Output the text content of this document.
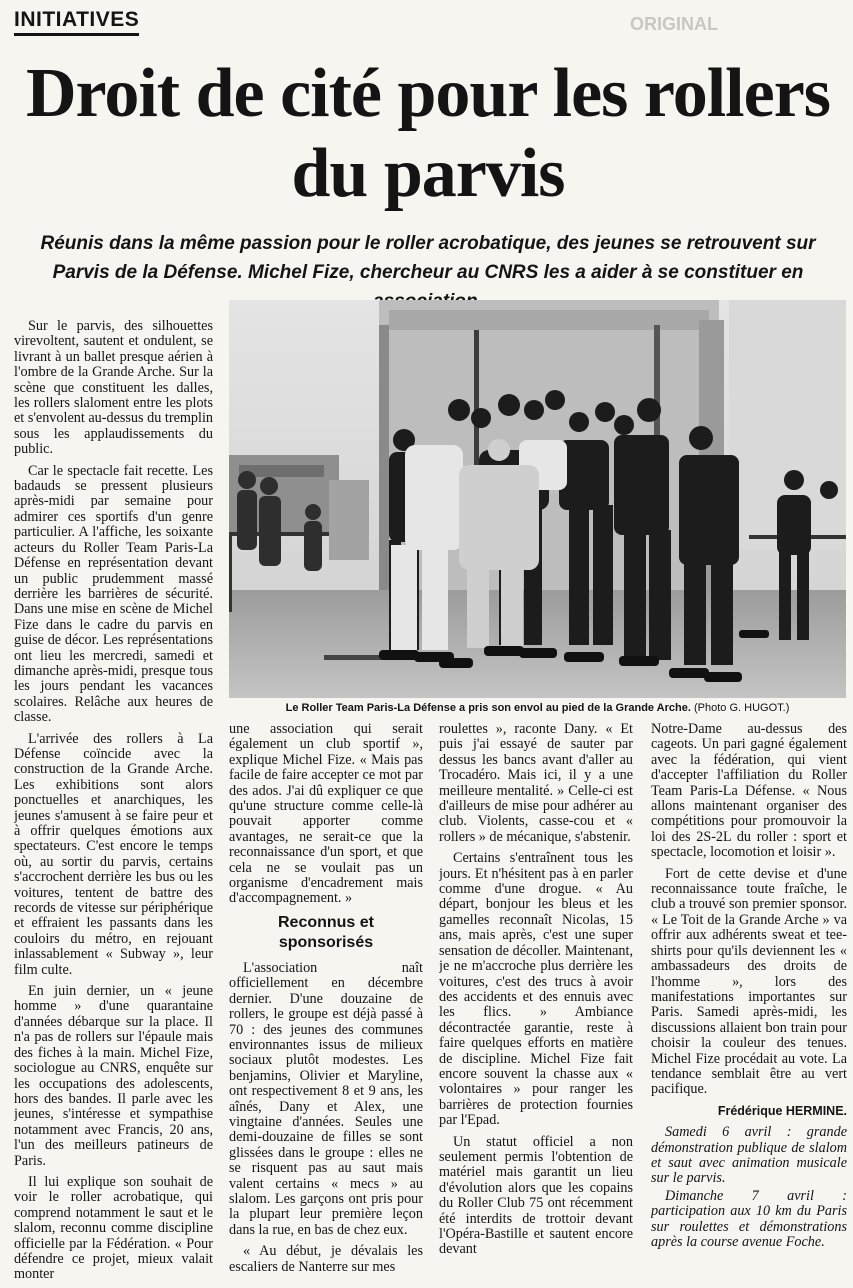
INITIATIVES	ORIGINAL
Droit de cité pour les rollers du parvis

Réunis dans la même passion pour le roller acrobatique, des jeunes se retrouvent sur Parvis de la Défense. Michel Fize, chercheur au CNRS les a aider à se constituer en

Le Roller Team Paris-La Défense a pris son envol au pied de la Grande Arche. (Photo G. HUGOT.)

Sur le parvis, des silhouettes virevoltent, sautent et ondulent, se livrant à un ballet presque aérien à l'ombre de la Grande Arche. Sur la scène que constituent les dalles, les rollers slaloment entre les plots et s'envolent au-dessus du tremplin sous les applaudissements du public.

Car le spectacle fait recette. Les badauds se pressent plusieurs après-midi par semaine pour admirer ces sportifs d'un genre particulier. A l'affiche, les soixante acteurs du Roller Team Paris-La Défense en représentation devant un public prudemment massé derrière les barrières de sécurité. Dans une mise en scène de Michel Fize dans le cadre du parvis en guise de décor. Les représentations ont lieu les mercredi, samedi et dimanche après-midi, presque tous les jours pendant les vacances scolaires. Relâche aux heures de classe.

L'arrivée des rollers à La Défense coïncide avec la construction de la Grande Arche. Les exhibitions sont alors ponctuelles et anarchiques, les jeunes s'amusent à se faire peur et à offrir quelques émotions aux spectateurs. C'est encore le temps où, au sortir du parvis, certains s'accrochent derrière les bus ou les voitures, tentent de battre des records de vitesse sur périphérique et effraient les passants dans les couloirs du métro, en rejouant inlassablement « Subway », leur film culte.

En juin dernier, un « jeune homme » d'une quarantaine d'années débarque sur la place. Il n'a pas de rollers sur l'épaule mais des fiches à la main. Michel Fize, sociologue au CNRS, enquête sur les occupations des adolescents, hors des bandes. Il parle avec les jeunes, s'intéresse et sympathise notamment avec Francis, 20 ans, l'un des meilleurs patineurs de Paris.

Il lui explique son souhait de voir le roller acrobatique, qui comprend notamment le saut et le slalom, reconnu comme discipline officielle par la Fédération. « Pour défendre ce projet, mieux valait monter

une association qui serait également un club sportif », explique Michel Fize. « Mais pas facile de faire accepter ce mot par des ados. J'ai dû expliquer ce que qu'une structure comme celle-là pouvait apporter comme avantages, ne serait-ce que la reconnaissance d'un sport, et que cela ne se voulait pas un organisme d'encadrement mais d'accompagnement. »

Reconnus et sponsorisés

L'association naît officiellement en décembre dernier. D'une douzaine de rollers, le groupe est déjà passé à 70 : des jeunes des communes environnantes issus de milieux sociaux plutôt modestes. Les benjamins, Olivier et Maryline, ont respectivement 8 et 9 ans, les aînés, Dany et Alex, une vingtaine d'années. Seules une demi-douzaine de filles se sont glissées dans le groupe : elles ne se risquent pas au saut mais valent certains « mecs » au slalom. Les garçons ont pris pour la plupart leur première leçon dans la rue, en bas de chez eux.

« Au début, je dévalais les escaliers de Nanterre sur mes

roulettes », raconte Dany. « Et puis j'ai essayé de sauter par dessus les bancs avant d'aller au Trocadéro. Mais ici, il y a une meilleure mentalité. » Celle-ci est d'ailleurs de mise pour adhérer au club. Violents, casse-cou et « rollers » de mécanique, s'abstenir.

Certains s'entraînent tous les jours. Et n'hésitent pas à en parler comme d'une drogue. « Au départ, bonjour les bleus et les gamelles reconnaît Nicolas, 15 ans, mais après, c'est une super sensation de décoller. Maintenant, je ne m'accroche plus derrière les voitures, c'est des trucs à avoir des accidents et des ennuis avec les flics. » Ambiance décontractée garantie, reste à faire quelques efforts en matière de discipline. Michel Fize fait encore souvent la chasse aux « volontaires » pour ranger les barrières de protection fournies par l'Epad.

Un statut officiel a non seulement permis l'obtention de matériel mais garantit un lieu d'évolution alors que les copains du Roller Club 75 ont récemment été interdits de trottoir devant l'Opéra-Bastille et sautent encore devant

Notre-Dame au-dessus des cageots. Un pari gagné également avec la fédération, qui vient d'accepter l'affiliation du Roller Team Paris-La Défense. « Nous allons maintenant organiser des compétitions pour promouvoir la loi des 2S-2L du roller : sport et spectacle, locomotion et loisir ».

Fort de cette devise et d'une reconnaissance toute fraîche, le club a trouvé son premier sponsor. « Le Toit de la Grande Arche » va offrir aux adhérents sweat et tee-shirts pour qu'ils deviennent les « ambassadeurs des droits de l'homme », lors des manifestations importantes sur Paris. Samedi après-midi, les discussions allaient bon train pour choisir la couleur des tenues. Michel Fize procédait au vote. La tendance semblait être au vert pacifique.

Frédérique HERMINE.

Samedi 6 avril : grande démonstration publique de slalom et saut avec animation musicale sur le parvis.

Dimanche 7 avril : participation aux 10 km du Paris sur roulettes et démonstrations après la course avenue Foche.
